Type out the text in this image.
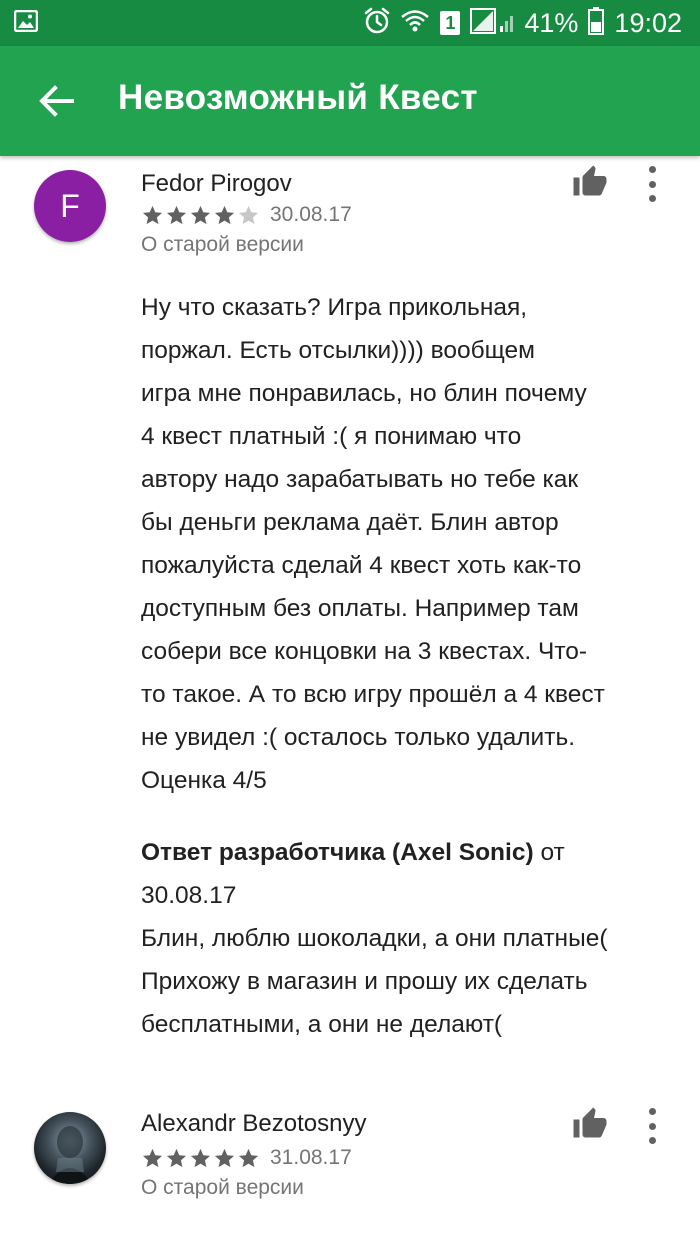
1	41% 19:02
Невозможный Квест
F
Fedor Pirogov
30.08.17
О старой версии
Ну что сказать? Игра прикольная,
поржал. Есть отсылки)))) вообщем
игра мне понравилась, но блин почему
4 квест платный :( я понимаю что
автору надо зарабатывать но тебе как
бы деньги реклама даёт. Блин автор
пожалуйста сделай 4 квест хоть как-то
доступным без оплаты. Например там
собери все концовки на 3 квестах. Что-
то такое. А то всю игру прошёл а 4 квест
не увидел :( осталось только удалить.
Оценка 4/5
Ответ разработчика (Axel Sonic) от
30.08.17
Блин, люблю шоколадки, а они платные(
Прихожу в магазин и прошу их сделать
бесплатными, а они не делают(
Alexandr Bezotosnyy
31.08.17
О старой версии
